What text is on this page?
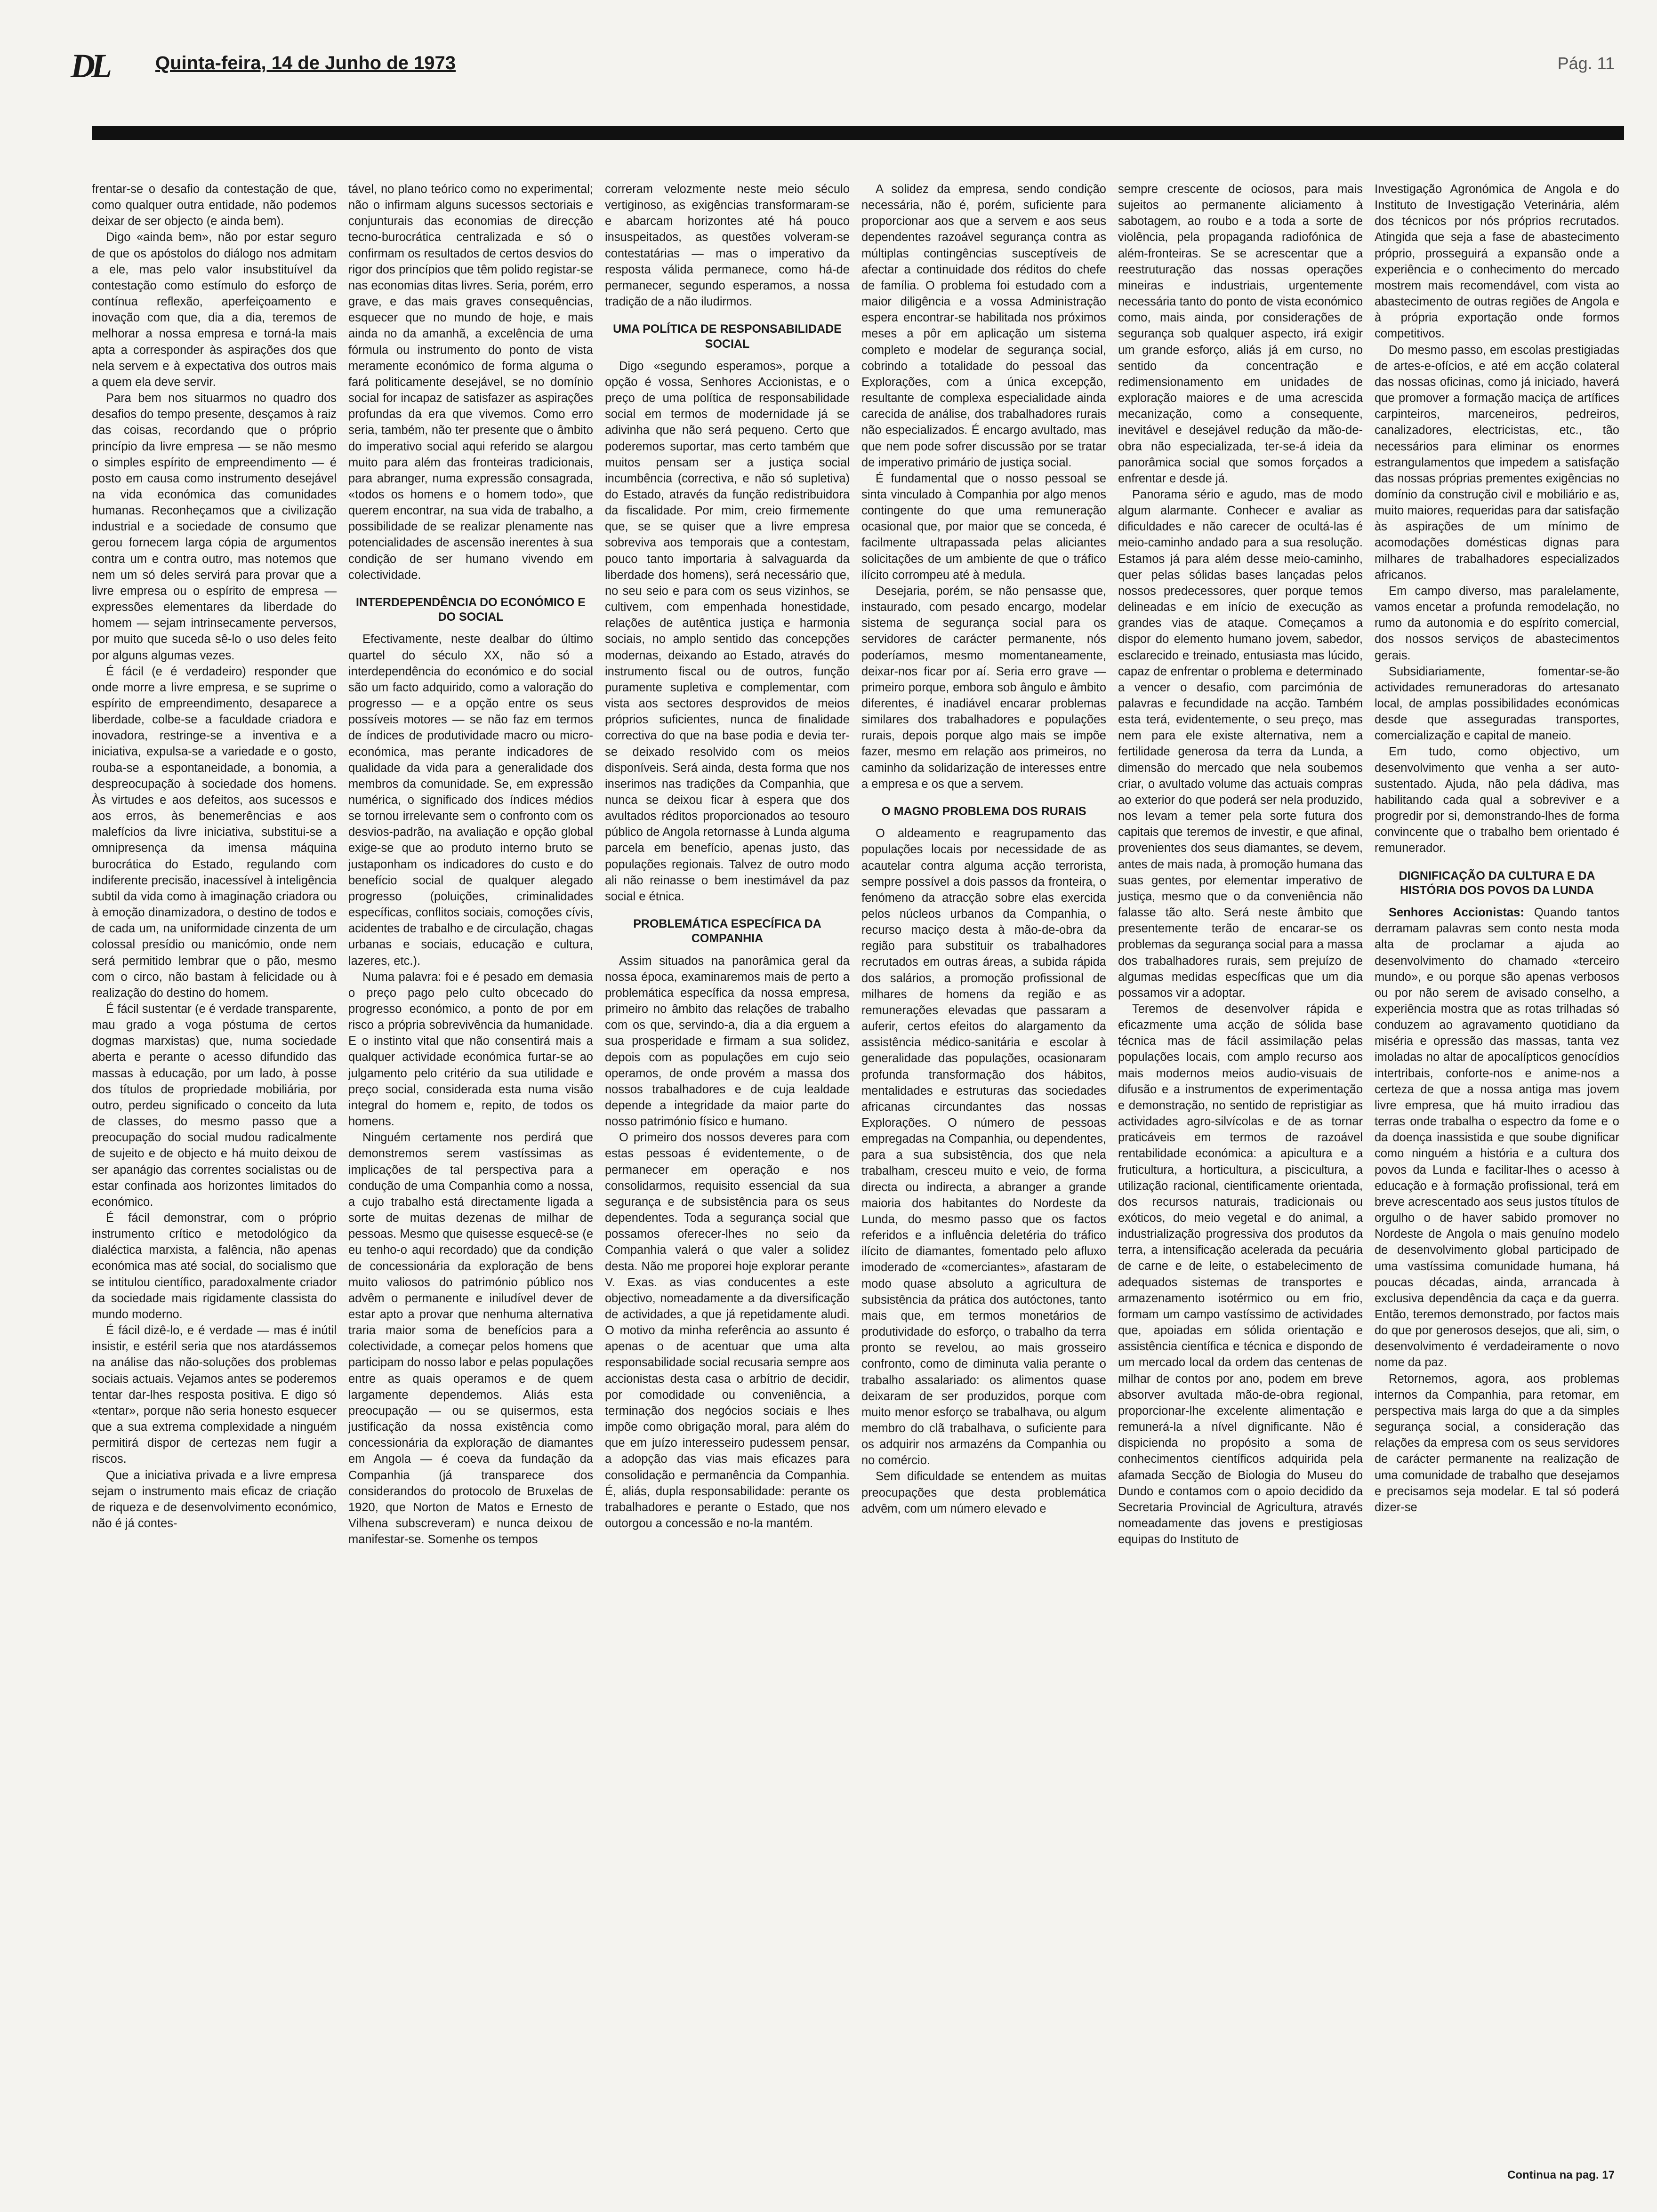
DL	Quinta-feira, 14 de Junho de 1973	Pág. 11

frentar-se o desafio da contestação de que, como qualquer outra entidade, não podemos deixar de ser objecto (e ainda bem).

Digo «ainda bem», não por estar seguro de que os apóstolos do diálogo nos admitam a ele, mas pelo valor insubstituível da contestação como estímulo do esforço de contínua reflexão, aperfeiçoamento e inovação com que, dia a dia, teremos de melhorar a nossa empresa e torná-la mais apta a corresponder às aspirações dos que nela servem e à expectativa dos outros mais a quem ela deve servir.

Para bem nos situarmos no quadro dos desafios do tempo presente, desçamos à raiz das coisas, recordando que o próprio princípio da livre empresa — se não mesmo o simples espírito de empreendimento — é posto em causa como instrumento desejável na vida económica das comunidades humanas. Reconheçamos que a civilização industrial e a sociedade de consumo que gerou fornecem larga cópia de argumentos contra um e contra outro, mas notemos que nem um só deles servirá para provar que a livre empresa ou o espírito de empresa — expressões elementares da liberdade do homem — sejam intrinsecamente perversos, por muito que suceda sê-lo o uso deles feito por alguns algumas vezes.

É fácil (e é verdadeiro) responder que onde morre a livre empresa, e se suprime o espírito de empreendimento, desaparece a liberdade, colbe-se a faculdade criadora e inovadora, restringe-se a inventiva e a iniciativa, expulsa-se a variedade e o gosto, rouba-se a espontaneidade, a bonomia, a despreocupação à sociedade dos homens. Às virtudes e aos defeitos, aos sucessos e aos erros, às benemerências e aos malefícios da livre iniciativa, substitui-se a omnipresença da imensa máquina burocrática do Estado, regulando com indiferente precisão, inacessível à inteligência subtil da vida como à imaginação criadora ou à emoção dinamizadora, o destino de todos e de cada um, na uniformidade cinzenta de um colossal presídio ou manicómio, onde nem será permitido lembrar que o pão, mesmo com o circo, não bastam à felicidade ou à realização do destino do homem.

É fácil sustentar (e é verdade transparente, mau grado a voga póstuma de certos dogmas marxistas) que, numa sociedade aberta e perante o acesso difundido das massas à educação, por um lado, à posse dos títulos de propriedade mobiliária, por outro, perdeu significado o conceito da luta de classes, do mesmo passo que a preocupação do social mudou radicalmente de sujeito e de objecto e há muito deixou de ser apanágio das correntes socialistas ou de estar confinada aos horizontes limitados do económico.

É fácil demonstrar, com o próprio instrumento crítico e metodológico da dialéctica marxista, a falência, não apenas económica mas até social, do socialismo que se intitulou científico, paradoxalmente criador da sociedade mais rigidamente classista do mundo moderno.

É fácil dizê-lo, e é verdade — mas é inútil insistir, e estéril seria que nos atardássemos na análise das não-soluções dos problemas sociais actuais. Vejamos antes se poderemos tentar dar-lhes resposta positiva. E digo só «tentar», porque não seria honesto esquecer que a sua extrema complexidade a ninguém permitirá dispor de certezas nem fugir a riscos.

Que a iniciativa privada e a livre empresa sejam o instrumento mais eficaz de criação de riqueza e de desenvolvimento económico, não é já contes-

tável, no plano teórico como no experimental; não o infirmam alguns sucessos sectoriais e conjunturais das economias de direcção tecno-burocrática centralizada e só o confirmam os resultados de certos desvios do rigor dos princípios que têm polido registar-se nas economias ditas livres. Seria, porém, erro grave, e das mais graves consequências, esquecer que no mundo de hoje, e mais ainda no da amanhã, a excelência de uma fórmula ou instrumento do ponto de vista meramente económico de forma alguma o fará politicamente desejável, se no domínio social for incapaz de satisfazer as aspirações profundas da era que vivemos. Como erro seria, também, não ter presente que o âmbito do imperativo social aqui referido se alargou muito para além das fronteiras tradicionais, para abranger, numa expressão consagrada, «todos os homens e o homem todo», que querem encontrar, na sua vida de trabalho, a possibilidade de se realizar plenamente nas potencialidades de ascensão inerentes à sua condição de ser humano vivendo em colectividade.

INTERDEPENDÊNCIA DO ECONÓMICO E DO SOCIAL

Efectivamente, neste dealbar do último quartel do século XX, não só a interdependência do económico e do social são um facto adquirido, como a valoração do progresso — e a opção entre os seus possíveis motores — se não faz em termos de índices de produtividade macro ou micro-económica, mas perante indicadores de qualidade da vida para a generalidade dos membros da comunidade. Se, em expressão numérica, o significado dos índices médios se tornou irrelevante sem o confronto com os desvios-padrão, na avaliação e opção global exige-se que ao produto interno bruto se justaponham os indicadores do custo e do benefício social de qualquer alegado progresso (poluições, criminalidades específicas, conflitos sociais, comoções cívis, acidentes de trabalho e de circulação, chagas urbanas e sociais, educação e cultura, lazeres, etc.).

Numa palavra: foi e é pesado em demasia o preço pago pelo culto obcecado do progresso económico, a ponto de por em risco a própria sobrevivência da humanidade. E o instinto vital que não consentirá mais a qualquer actividade económica furtar-se ao julgamento pelo critério da sua utilidade e preço social, considerada esta numa visão integral do homem e, repito, de todos os homens.

Ninguém certamente nos perdirá que demonstremos serem vastíssimas as implicações de tal perspectiva para a condução de uma Companhia como a nossa, a cujo trabalho está directamente ligada a sorte de muitas dezenas de milhar de pessoas. Mesmo que quisesse esquecê-se (e eu tenho-o aqui recordado) que da condição de concessionária da exploração de bens muito valiosos do património público nos advêm o permanente e iniludível dever de estar apto a provar que nenhuma alternativa traria maior soma de benefícios para a colectividade, a começar pelos homens que participam do nosso labor e pelas populações entre as quais operamos e de quem largamente dependemos. Aliás esta preocupação — ou se quisermos, esta justificação da nossa existência como concessionária da exploração de diamantes em Angola — é coeva da fundação da Companhia (já transparece dos considerandos do protocolo de Bruxelas de 1920, que Norton de Matos e Ernesto de Vilhena subscreveram) e nunca deixou de manifestar-se. Somenhe os tempos

correram velozmente neste meio século vertiginoso, as exigências transformaram-se e abarcam horizontes até há pouco insuspeitados, as questões volveram-se contestatárias — mas o imperativo da resposta válida permanece, como há-de permanecer, segundo esperamos, a nossa tradição de a não iludirmos.

UMA POLÍTICA DE RESPONSABILIDADE SOCIAL

Digo «segundo esperamos», porque a opção é vossa, Senhores Accionistas, e o preço de uma política de responsabilidade social em termos de modernidade já se adivinha que não será pequeno. Certo que poderemos suportar, mas certo também que muitos pensam ser a justiça social incumbência (correctiva, e não só supletiva) do Estado, através da função redistribuidora da fiscalidade. Por mim, creio firmemente que, se se quiser que a livre empresa sobreviva aos temporais que a contestam, pouco tanto importaria à salvaguarda da liberdade dos homens), será necessário que, no seu seio e para com os seus vizinhos, se cultivem, com empenhada honestidade, relações de autêntica justiça e harmonia sociais, no amplo sentido das concepções modernas, deixando ao Estado, através do instrumento fiscal ou de outros, função puramente supletiva e complementar, com vista aos sectores desprovidos de meios próprios suficientes, nunca de finalidade correctiva do que na base podia e devia ter-se deixado resolvido com os meios disponíveis. Será ainda, desta forma que nos inserimos nas tradições da Companhia, que nunca se deixou ficar à espera que dos avultados réditos proporcionados ao tesouro público de Angola retornasse à Lunda alguma parcela em benefício, apenas justo, das populações regionais. Talvez de outro modo ali não reinasse o bem inestimável da paz social e étnica.

PROBLEMÁTICA ESPECÍFICA DA COMPANHIA

Assim situados na panorâmica geral da nossa época, examinaremos mais de perto a problemática específica da nossa empresa, primeiro no âmbito das relações de trabalho com os que, servindo-a, dia a dia erguem a sua prosperidade e firmam a sua solidez, depois com as populações em cujo seio operamos, de onde provém a massa dos nossos trabalhadores e de cuja lealdade depende a integridade da maior parte do nosso património físico e humano.

O primeiro dos nossos deveres para com estas pessoas é evidentemente, o de permanecer em operação e nos consolidarmos, requisito essencial da sua segurança e de subsistência para os seus dependentes. Toda a segurança social que possamos oferecer-lhes no seio da Companhia valerá o que valer a solidez desta. Não me proporei hoje explorar perante V. Exas. as vias conducentes a este objectivo, nomeadamente a da diversificação de actividades, a que já repetidamente aludi. O motivo da minha referência ao assunto é apenas o de acentuar que uma alta responsabilidade social recusaria sempre aos accionistas desta casa o arbítrio de decidir, por comodidade ou conveniência, a terminação dos negócios sociais e lhes impõe como obrigação moral, para além do que em juízo interesseiro pudessem pensar, a adopção das vias mais eficazes para consolidação e permanência da Companhia. É, aliás, dupla responsabilidade: perante os trabalhadores e perante o Estado, que nos outorgou a concessão e no-la mantém.

A solidez da empresa, sendo condição necessária, não é, porém, suficiente para proporcionar aos que a servem e aos seus dependentes razoável segurança contra as múltiplas contingências susceptíveis de afectar a continuidade dos réditos do chefe de família. O problema foi estudado com a maior diligência e a vossa Administração espera encontrar-se habilitada nos próximos meses a pôr em aplicação um sistema completo e modelar de segurança social, cobrindo a totalidade do pessoal das Explorações, com a única excepção, resultante de complexa especialidade ainda carecida de análise, dos trabalhadores rurais não especializados. É encargo avultado, mas que nem pode sofrer discussão por se tratar de imperativo primário de justiça social.

É fundamental que o nosso pessoal se sinta vinculado à Companhia por algo menos contingente do que uma remuneração ocasional que, por maior que se conceda, é facilmente ultrapassada pelas aliciantes solicitações de um ambiente de que o tráfico ilícito corrompeu até à medula.

Desejaria, porém, se não pensasse que, instaurado, com pesado encargo, modelar sistema de segurança social para os servidores de carácter permanente, nós poderíamos, mesmo momentaneamente, deixar-nos ficar por aí. Seria erro grave — primeiro porque, embora sob ângulo e âmbito diferentes, é inadiável encarar problemas similares dos trabalhadores e populações rurais, depois porque algo mais se impõe fazer, mesmo em relação aos primeiros, no caminho da solidarização de interesses entre a empresa e os que a servem.

O MAGNO PROBLEMA DOS RURAIS

O aldeamento e reagrupamento das populações locais por necessidade de as acautelar contra alguma acção terrorista, sempre possível a dois passos da fronteira, o fenómeno da atracção sobre elas exercida pelos núcleos urbanos da Companhia, o recurso maciço desta à mão-de-obra da região para substituir os trabalhadores recrutados em outras áreas, a subida rápida dos salários, a promoção profissional de milhares de homens da região e as remunerações elevadas que passaram a auferir, certos efeitos do alargamento da assistência médico-sanitária e escolar à generalidade das populações, ocasionaram profunda transformação dos hábitos, mentalidades e estruturas das sociedades africanas circundantes das nossas Explorações. O número de pessoas empregadas na Companhia, ou dependentes, para a sua subsistência, dos que nela trabalham, cresceu muito e veio, de forma directa ou indirecta, a abranger a grande maioria dos habitantes do Nordeste da Lunda, do mesmo passo que os factos referidos e a influência deletéria do tráfico ilícito de diamantes, fomentado pelo afluxo imoderado de «comerciantes», afastaram de modo quase absoluto a agricultura de subsistência da prática dos autóctones, tanto mais que, em termos monetários de produtividade do esforço, o trabalho da terra pronto se revelou, ao mais grosseiro confronto, como de diminuta valia perante o trabalho assalariado: os alimentos quase deixaram de ser produzidos, porque com muito menor esforço se trabalhava, ou algum membro do clã trabalhava, o suficiente para os adquirir nos armazéns da Companhia ou no comércio.

Sem dificuldade se entendem as muitas preocupações que desta problemática advêm, com um número elevado e

sempre crescente de ociosos, para mais sujeitos ao permanente aliciamento à sabotagem, ao roubo e a toda a sorte de violência, pela propaganda radiofónica de além-fronteiras. Se se acrescentar que a reestruturação das nossas operações mineiras e industriais, urgentemente necessária tanto do ponto de vista económico como, mais ainda, por considerações de segurança sob qualquer aspecto, irá exigir um grande esforço, aliás já em curso, no sentido da concentração e redimensionamento em unidades de exploração maiores e de uma acrescida mecanização, como a consequente, inevitável e desejável redução da mão-de-obra não especializada, ter-se-á ideia da panorâmica social que somos forçados a enfrentar e desde já.

Panorama sério e agudo, mas de modo algum alarmante. Conhecer e avaliar as dificuldades e não carecer de ocultá-las é meio-caminho andado para a sua resolução. Estamos já para além desse meio-caminho, quer pelas sólidas bases lançadas pelos nossos predecessores, quer porque temos delineadas e em início de execução as grandes vias de ataque. Começamos a dispor do elemento humano jovem, sabedor, esclarecido e treinado, entusiasta mas lúcido, capaz de enfrentar o problema e determinado a vencer o desafio, com parcimónia de palavras e fecundidade na acção. Também esta terá, evidentemente, o seu preço, mas nem para ele existe alternativa, nem a fertilidade generosa da terra da Lunda, a dimensão do mercado que nela soubemos criar, o avultado volume das actuais compras ao exterior do que poderá ser nela produzido, nos levam a temer pela sorte futura dos capitais que teremos de investir, e que afinal, provenientes dos seus diamantes, se devem, antes de mais nada, à promoção humana das suas gentes, por elementar imperativo de justiça, mesmo que o da conveniência não falasse tão alto. Será neste âmbito que presentemente terão de encarar-se os problemas da segurança social para a massa dos trabalhadores rurais, sem prejuízo de algumas medidas específicas que um dia possamos vir a adoptar.

Teremos de desenvolver rápida e eficazmente uma acção de sólida base técnica mas de fácil assimilação pelas populações locais, com amplo recurso aos mais modernos meios audio-visuais de difusão e a instrumentos de experimentação e demonstração, no sentido de repristigiar as actividades agro-silvícolas e de as tornar praticáveis em termos de razoável rentabilidade económica: a apicultura e a fruticultura, a horticultura, a piscicultura, a utilização racional, cientificamente orientada, dos recursos naturais, tradicionais ou exóticos, do meio vegetal e do animal, a industrialização progressiva dos produtos da terra, a intensificação acelerada da pecuária de carne e de leite, o estabelecimento de adequados sistemas de transportes e armazenamento isotérmico ou em frio, formam um campo vastíssimo de actividades que, apoiadas em sólida orientação e assistência científica e técnica e dispondo de um mercado local da ordem das centenas de milhar de contos por ano, podem em breve absorver avultada mão-de-obra regional, proporcionar-lhe excelente alimentação e remunerá-la a nível dignificante. Não é dispicienda no propósito a soma de conhecimentos científicos adquirida pela afamada Secção de Biologia do Museu do Dundo e contamos com o apoio decidido da Secretaria Provincial de Agricultura, através nomeadamente das jovens e prestigiosas equipas do Instituto de

Investigação Agronómica de Angola e do Instituto de Investigação Veterinária, além dos técnicos por nós próprios recrutados. Atingida que seja a fase de abastecimento próprio, prosseguirá a expansão onde a experiência e o conhecimento do mercado mostrem mais recomendável, com vista ao abastecimento de outras regiões de Angola e à própria exportação onde formos competitivos.

Do mesmo passo, em escolas prestigiadas de artes-e-ofícios, e até em acção colateral das nossas oficinas, como já iniciado, haverá que promover a formação maciça de artífices carpinteiros, marceneiros, pedreiros, canalizadores, electricistas, etc., tão necessários para eliminar os enormes estrangulamentos que impedem a satisfação das nossas próprias prementes exigências no domínio da construção civil e mobiliário e as, muito maiores, requeridas para dar satisfação às aspirações de um mínimo de acomodações domésticas dignas para milhares de trabalhadores especializados africanos.

Em campo diverso, mas paralelamente, vamos encetar a profunda remodelação, no rumo da autonomia e do espírito comercial, dos nossos serviços de abastecimentos gerais.

Subsidiariamente, fomentar-se-ão actividades remuneradoras do artesanato local, de amplas possibilidades económicas desde que asseguradas transportes, comercialização e capital de maneio.

Em tudo, como objectivo, um desenvolvimento que venha a ser auto-sustentado. Ajuda, não pela dádiva, mas habilitando cada qual a sobreviver e a progredir por si, demonstrando-lhes de forma convincente que o trabalho bem orientado é remunerador.

DIGNIFICAÇÃO DA CULTURA E DA HISTÓRIA DOS POVOS DA LUNDA

Senhores Accionistas: Quando tantos derramam palavras sem conto nesta moda alta de proclamar a ajuda ao desenvolvimento do chamado «terceiro mundo», e ou porque são apenas verbosos ou por não serem de avisado conselho, a experiência mostra que as rotas trilhadas só conduzem ao agravamento quotidiano da miséria e opressão das massas, tanta vez imoladas no altar de apocalípticos genocídios intertribais, conforte-nos e anime-nos a certeza de que a nossa antiga mas jovem livre empresa, que há muito irradiou das terras onde trabalha o espectro da fome e o da doença inassistida e que soube dignificar como ninguém a história e a cultura dos povos da Lunda e facilitar-lhes o acesso à educação e à formação profissional, terá em breve acrescentado aos seus justos títulos de orgulho o de haver sabido promover no Nordeste de Angola o mais genuíno modelo de desenvolvimento global participado de uma vastíssima comunidade humana, há poucas décadas, ainda, arrancada à exclusiva dependência da caça e da guerra. Então, teremos demonstrado, por factos mais do que por generosos desejos, que ali, sim, o desenvolvimento é verdadeiramente o novo nome da paz.

Retornemos, agora, aos problemas internos da Companhia, para retomar, em perspectiva mais larga do que a da simples segurança social, a consideração das relações da empresa com os seus servidores de carácter permanente na realização de uma comunidade de trabalho que desejamos e precisamos seja modelar. E tal só poderá dizer-se

Continua na pag. 17
